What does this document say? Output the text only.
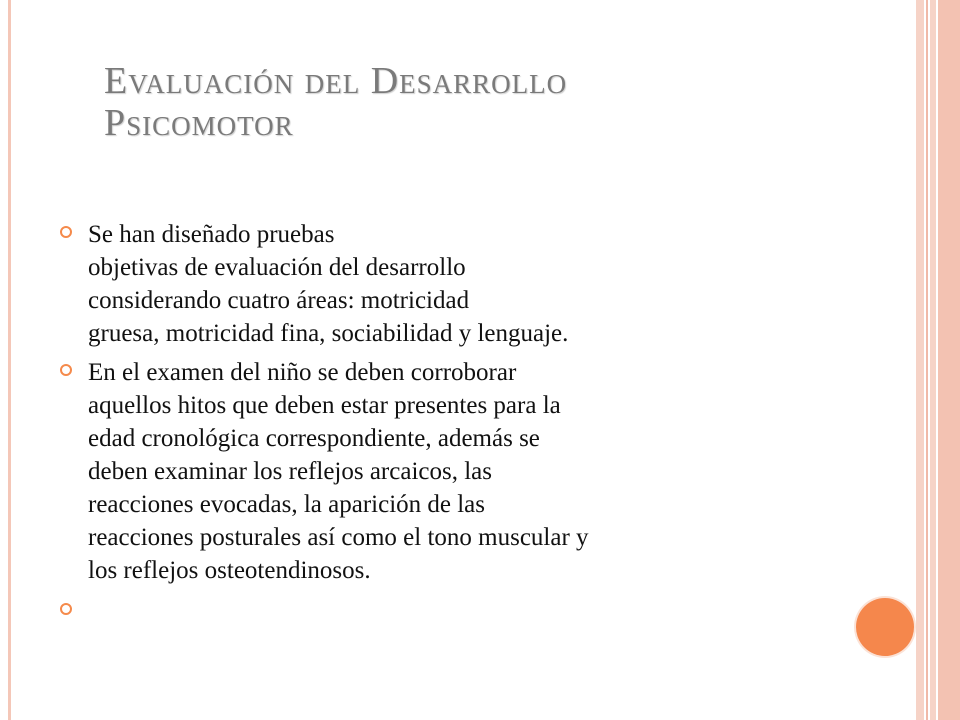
Evaluación del Desarrollo
Psicomotor
Se han diseñado pruebas
objetivas de evaluación del desarrollo
considerando cuatro áreas: motricidad
gruesa, motricidad fina, sociabilidad y lenguaje.
En el examen del niño se deben corroborar
aquellos hitos que deben estar presentes para la
edad cronológica correspondiente, además se
deben examinar los reflejos arcaicos, las
reacciones evocadas, la aparición de las
reacciones posturales así como el tono muscular y
los reflejos osteotendinosos.
